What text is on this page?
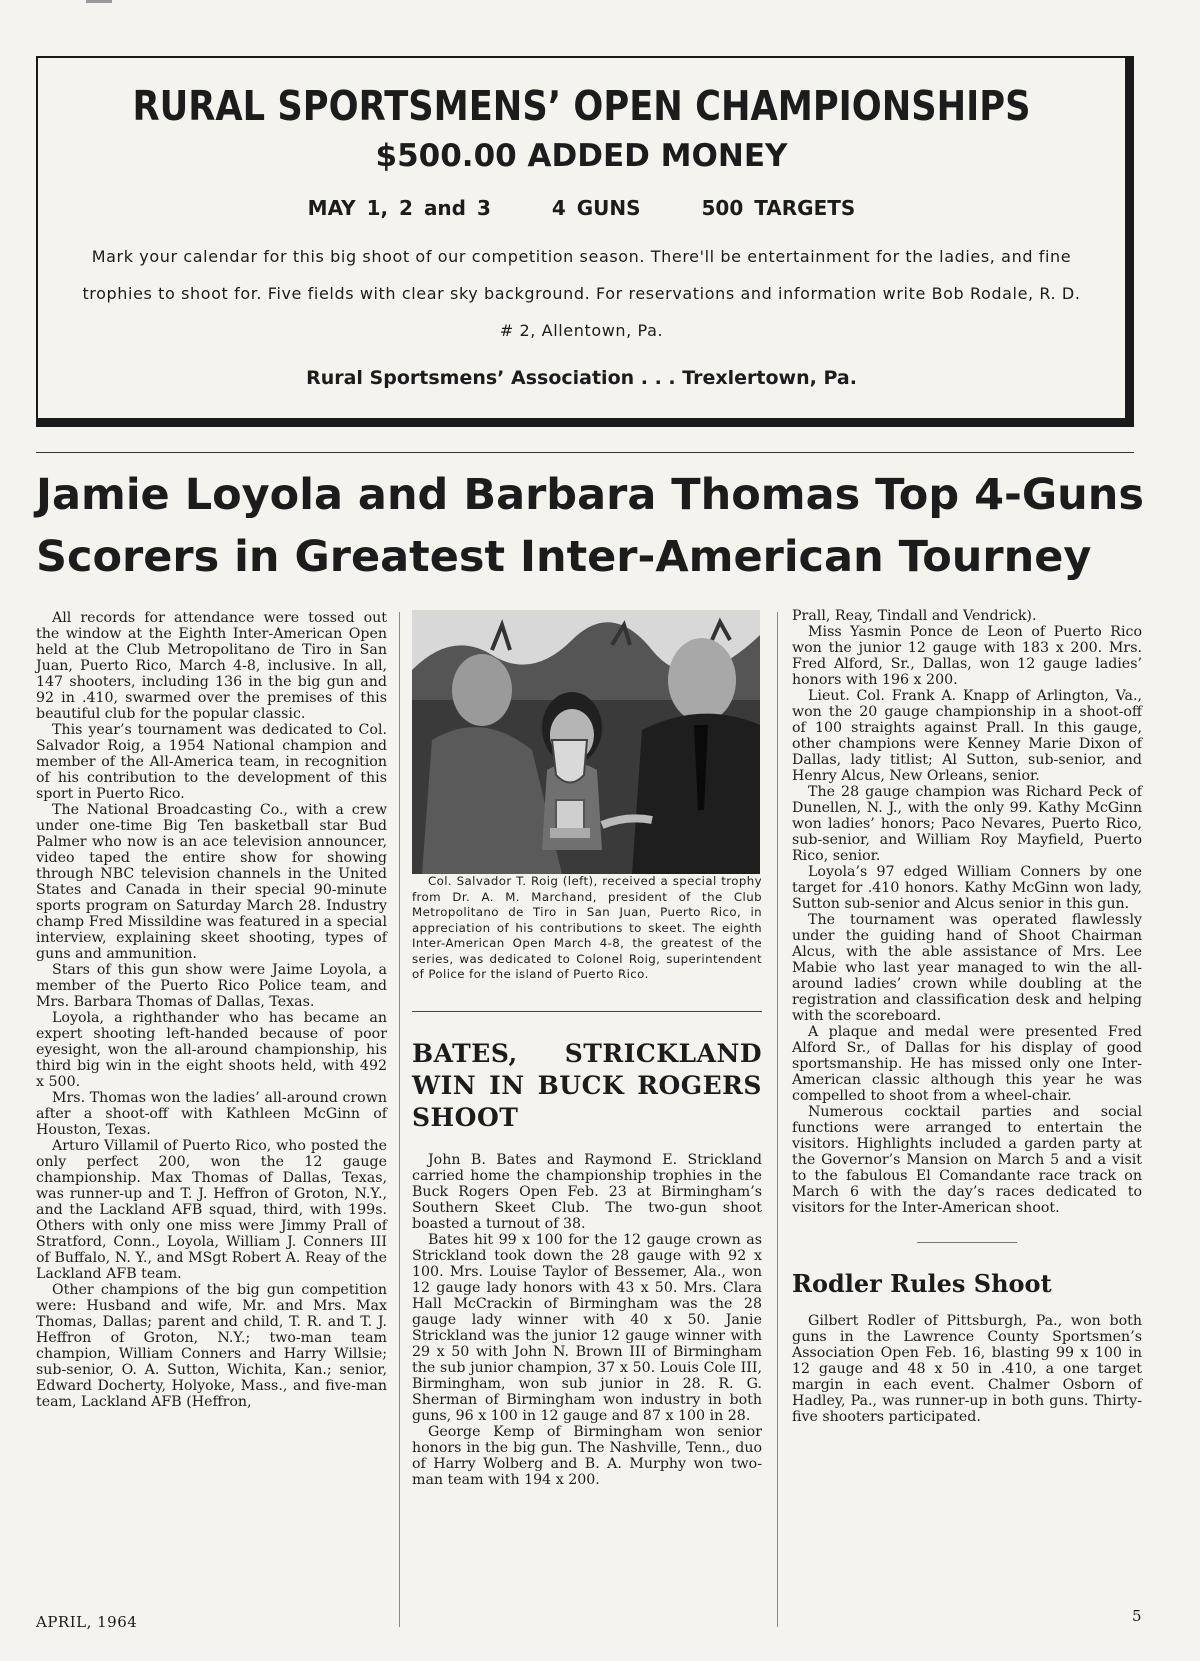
RURAL SPORTSMENS’ OPEN CHAMPIONSHIPS
$500.00 ADDED MONEY
MAY 1, 2 and 3	4 GUNS	500 TARGETS
Mark your calendar for this big shoot of our competition season. There'll be entertainment for the ladies, and fine trophies to shoot for. Five fields with clear sky background. For reservations and information write Bob Rodale, R. D. # 2, Allentown, Pa.
Rural Sportsmens’ Association . . . Trexlertown, Pa.
Jamie Loyola and Barbara Thomas Top 4-Guns Scorers in Greatest Inter-American Tourney

All records for attendance were tossed out the window at the Eighth Inter-American Open held at the Club Metropolitano de Tiro in San Juan, Puerto Rico, March 4-8, inclusive. In all, 147 shooters, including 136 in the big gun and 92 in .410, swarmed over the premises of this beautiful club for the popular classic.

This year’s tournament was dedicated to Col. Salvador Roig, a 1954 National champion and member of the All-America team, in recognition of his contribution to the development of this sport in Puerto Rico.

The National Broadcasting Co., with a crew under one-time Big Ten basketball star Bud Palmer who now is an ace television announcer, video taped the entire show for showing through NBC television channels in the United States and Canada in their special 90-minute sports program on Saturday March 28. Industry champ Fred Missildine was featured in a special interview, explaining skeet shooting, types of guns and ammunition.

Stars of this gun show were Jaime Loyola, a member of the Puerto Rico Police team, and Mrs. Barbara Thomas of Dallas, Texas.

Loyola, a righthander who has became an expert shooting left-handed because of poor eyesight, won the all-around championship, his third big win in the eight shoots held, with 492 x 500.

Mrs. Thomas won the ladies’ all-around crown after a shoot-off with Kathleen McGinn of Houston, Texas.

Arturo Villamil of Puerto Rico, who posted the only perfect 200, won the 12 gauge championship. Max Thomas of Dallas, Texas, was runner-up and T. J. Heffron of Groton, N.Y., and the Lackland AFB squad, third, with 199s. Others with only one miss were Jimmy Prall of Stratford, Conn., Loyola, William J. Conners III of Buffalo, N. Y., and MSgt Robert A. Reay of the Lackland AFB team.

Other champions of the big gun competition were: Husband and wife, Mr. and Mrs. Max Thomas, Dallas; parent and child, T. R. and T. J. Heffron of Groton, N.Y.; two-man team champion, William Conners and Harry Willsie; sub-senior, O. A. Sutton, Wichita, Kan.; senior, Edward Docherty, Holyoke, Mass., and five-man team, Lackland AFB (Heffron,

Col. Salvador T. Roig (left), received a special trophy from Dr. A. M. Marchand, president of the Club Metropolitano de Tiro in San Juan, Puerto Rico, in appreciation of his contributions to skeet. The eighth Inter-American Open March 4-8, the greatest of the series, was dedicated to Colonel Roig, superintendent of Police for the island of Puerto Rico.

BATES, STRICKLAND WIN IN BUCK ROGERS SHOOT

John B. Bates and Raymond E. Strickland carried home the championship trophies in the Buck Rogers Open Feb. 23 at Birmingham’s Southern Skeet Club. The two-gun shoot boasted a turnout of 38.

Bates hit 99 x 100 for the 12 gauge crown as Strickland took down the 28 gauge with 92 x 100. Mrs. Louise Taylor of Bessemer, Ala., won 12 gauge lady honors with 43 x 50. Mrs. Clara Hall McCrackin of Birmingham was the 28 gauge lady winner with 40 x 50. Janie Strickland was the junior 12 gauge winner with 29 x 50 with John N. Brown III of Birmingham the sub junior champion, 37 x 50. Louis Cole III, Birmingham, won sub junior in 28. R. G. Sherman of Birmingham won industry in both guns, 96 x 100 in 12 gauge and 87 x 100 in 28.

George Kemp of Birmingham won senior honors in the big gun. The Nashville, Tenn., duo of Harry Wolberg and B. A. Murphy won two-man team with 194 x 200.

Prall, Reay, Tindall and Vendrick).

Miss Yasmin Ponce de Leon of Puerto Rico won the junior 12 gauge with 183 x 200. Mrs. Fred Alford, Sr., Dallas, won 12 gauge ladies’ honors with 196 x 200.

Lieut. Col. Frank A. Knapp of Arlington, Va., won the 20 gauge championship in a shoot-off of 100 straights against Prall. In this gauge, other champions were Kenney Marie Dixon of Dallas, lady titlist; Al Sutton, sub-senior, and Henry Alcus, New Orleans, senior.

The 28 gauge champion was Richard Peck of Dunellen, N. J., with the only 99. Kathy McGinn won ladies’ honors; Paco Nevares, Puerto Rico, sub-senior, and William Roy Mayfield, Puerto Rico, senior.

Loyola’s 97 edged William Conners by one target for .410 honors. Kathy McGinn won lady, Sutton sub-senior and Alcus senior in this gun.

The tournament was operated flawlessly under the guiding hand of Shoot Chairman Alcus, with the able assistance of Mrs. Lee Mabie who last year managed to win the all-around ladies’ crown while doubling at the registration and classification desk and helping with the scoreboard.

A plaque and medal were presented Fred Alford Sr., of Dallas for his display of good sportsmanship. He has missed only one Inter-American classic although this year he was compelled to shoot from a wheel-chair.

Numerous cocktail parties and social functions were arranged to entertain the visitors. Highlights included a garden party at the Governor’s Mansion on March 5 and a visit to the fabulous El Comandante race track on March 6 with the day’s races dedicated to visitors for the Inter-American shoot.

Rodler Rules Shoot

Gilbert Rodler of Pittsburgh, Pa., won both guns in the Lawrence County Sportsmen’s Association Open Feb. 16, blasting 99 x 100 in 12 gauge and 48 x 50 in .410, a one target margin in each event. Chalmer Osborn of Hadley, Pa., was runner-up in both guns. Thirty-five shooters participated.

APRIL, 1964	5
